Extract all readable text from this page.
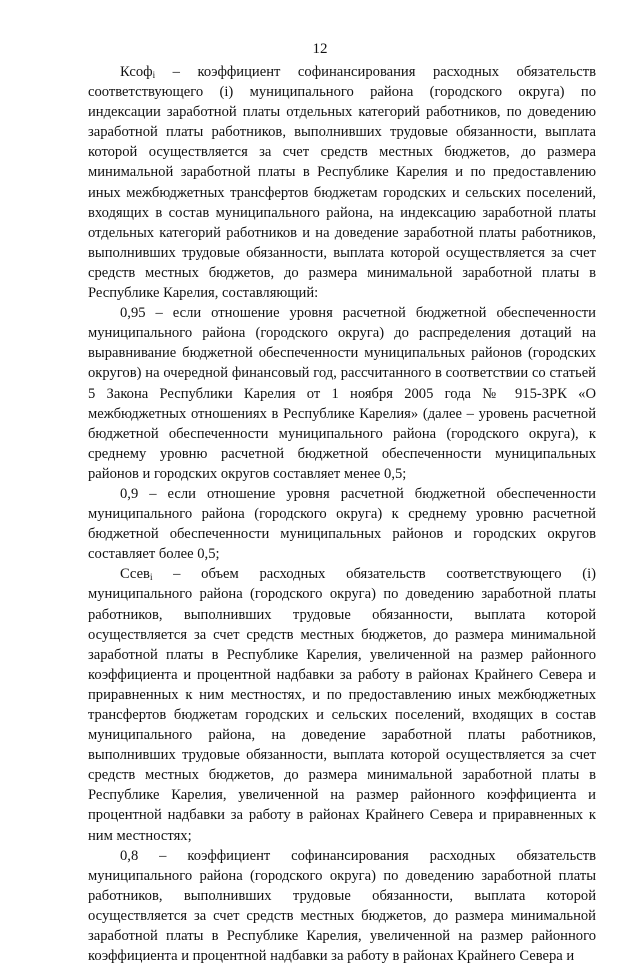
12

Ксоф$_i$ – коэффициент софинансирования расходных обязательств соответствующего (i) муниципального района (городского округа) по индексации заработной платы отдельных категорий работников, по доведению заработной платы работников, выполнивших трудовые обязанности, выплата которой осуществляется за счет средств местных бюджетов, до размера минимальной заработной платы в Республике Карелия и по предоставлению иных межбюджетных трансфертов бюджетам городских и сельских поселений, входящих в состав муниципального района, на индексацию заработной платы отдельных категорий работников и на доведение заработной платы работников, выполнивших трудовые обязанности, выплата которой осуществляется за счет средств местных бюджетов, до размера минимальной заработной платы в Республике Карелия, составляющий:

0,95 – если отношение уровня расчетной бюджетной обеспеченности муниципального района (городского округа) до распределения дотаций на выравнивание бюджетной обеспеченности муниципальных районов (городских округов) на очередной финансовый год, рассчитанного в соответствии со статьей 5 Закона Республики Карелия от 1 ноября 2005 года № 915-ЗРК «О межбюджетных отношениях в Республике Карелия» (далее – уровень расчетной бюджетной обеспеченности муниципального района (городского округа), к среднему уровню расчетной бюджетной обеспеченности муниципальных районов и городских округов составляет менее 0,5;

0,9 – если отношение уровня расчетной бюджетной обеспеченности муниципального района (городского округа) к среднему уровню расчетной бюджетной обеспеченности муниципальных районов и городских округов составляет более 0,5;

Ссев$_i$ – объем расходных обязательств соответствующего (i) муниципального района (городского округа) по доведению заработной платы работников, выполнивших трудовые обязанности, выплата которой осуществляется за счет средств местных бюджетов, до размера минимальной заработной платы в Республике Карелия, увеличенной на размер районного коэффициента и процентной надбавки за работу в районах Крайнего Севера и приравненных к ним местностях, и по предоставлению иных межбюджетных трансфертов бюджетам городских и сельских поселений, входящих в состав муниципального района, на доведение заработной платы работников, выполнивших трудовые обязанности, выплата которой осуществляется за счет средств местных бюджетов, до размера минимальной заработной платы в Республике Карелия, увеличенной на размер районного коэффициента и процентной надбавки за работу в районах Крайнего Севера и приравненных к ним местностях;

0,8 – коэффициент софинансирования расходных обязательств муниципального района (городского округа) по доведению заработной платы работников, выполнивших трудовые обязанности, выплата которой осуществляется за счет средств местных бюджетов, до размера минимальной заработной платы в Республике Карелия, увеличенной на размер районного коэффициента и процентной надбавки за работу в районах Крайнего Севера и
